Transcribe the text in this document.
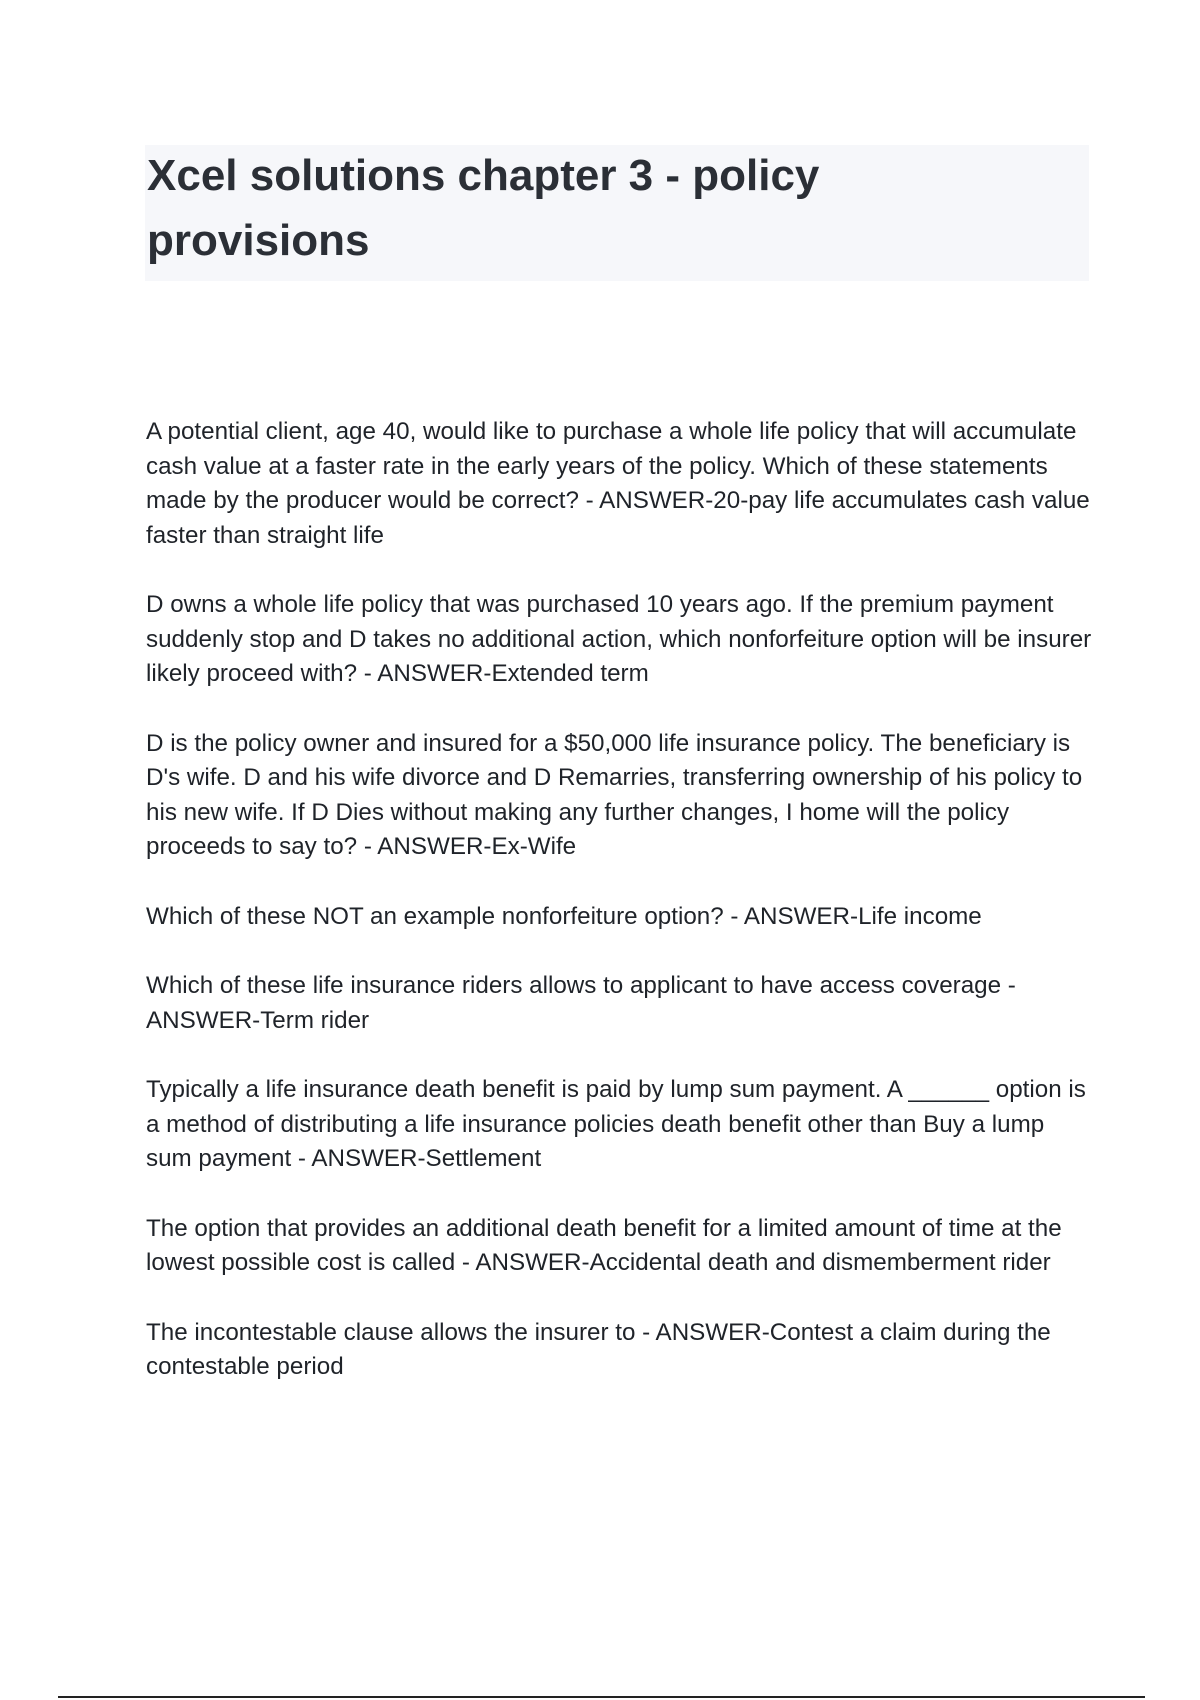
Xcel solutions chapter 3 - policy provisions

A potential client, age 40, would like to purchase a whole life policy that will accumulate cash value at a faster rate in the early years of the policy. Which of these statements made by the producer would be correct? - ANSWER-20-pay life accumulates cash value faster than straight life

D owns a whole life policy that was purchased 10 years ago. If the premium payment suddenly stop and D takes no additional action, which nonforfeiture option will be insurer likely proceed with? - ANSWER-Extended term

D is the policy owner and insured for a $50,000 life insurance policy. The beneficiary is D's wife. D and his wife divorce and D Remarries, transferring ownership of his policy to his new wife. If D Dies without making any further changes, I home will the policy proceeds to say to? - ANSWER-Ex-Wife

Which of these NOT an example nonforfeiture option? - ANSWER-Life income

Which of these life insurance riders allows to applicant to have access coverage - ANSWER-Term rider

Typically a life insurance death benefit is paid by lump sum payment. A ______ option is a method of distributing a life insurance policies death benefit other than Buy a lump sum payment - ANSWER-Settlement

The option that provides an additional death benefit for a limited amount of time at the lowest possible cost is called - ANSWER-Accidental death and dismemberment rider

The incontestable clause allows the insurer to - ANSWER-Contest a claim during the contestable period
